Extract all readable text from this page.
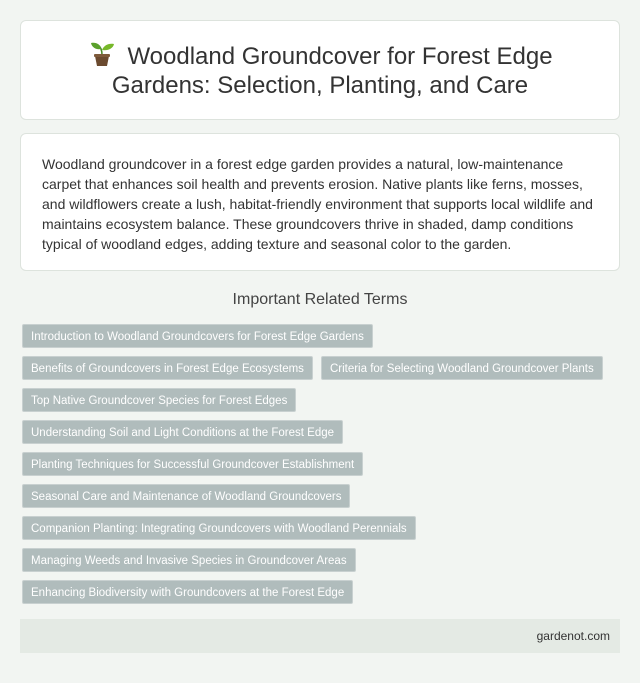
Woodland Groundcover for Forest Edge Gardens: Selection, Planting, and Care

Woodland groundcover in a forest edge garden provides a natural, low-maintenance carpet that enhances soil health and prevents erosion. Native plants like ferns, mosses, and wildflowers create a lush, habitat-friendly environment that supports local wildlife and maintains ecosystem balance. These groundcovers thrive in shaded, damp conditions typical of woodland edges, adding texture and seasonal color to the garden.

Important Related Terms
Introduction to Woodland Groundcovers for Forest Edge Gardens
Benefits of Groundcovers in Forest Edge Ecosystems	Criteria for Selecting Woodland Groundcover Plants
Top Native Groundcover Species for Forest Edges
Understanding Soil and Light Conditions at the Forest Edge
Planting Techniques for Successful Groundcover Establishment
Seasonal Care and Maintenance of Woodland Groundcovers
Companion Planting: Integrating Groundcovers with Woodland Perennials
Managing Weeds and Invasive Species in Groundcover Areas
Enhancing Biodiversity with Groundcovers at the Forest Edge
gardenot.com
